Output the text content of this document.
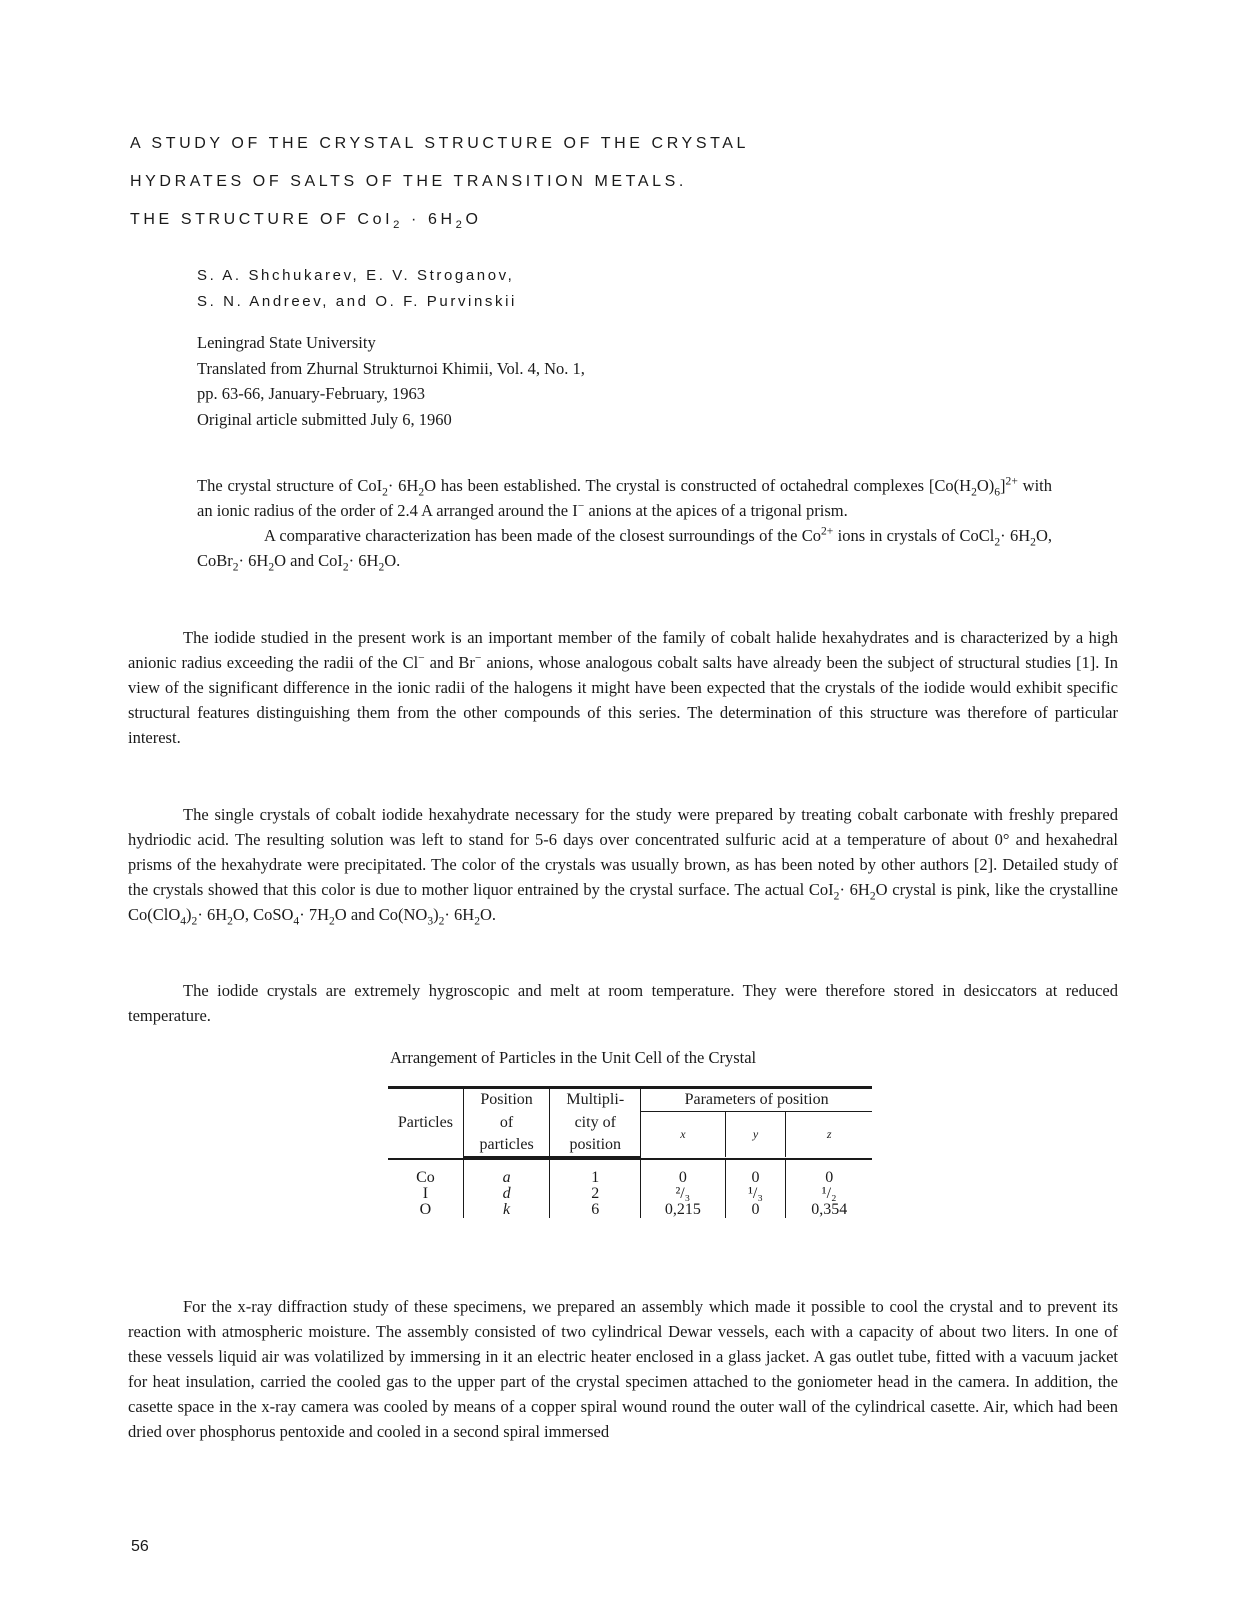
A STUDY OF THE CRYSTAL STRUCTURE OF THE CRYSTAL
HYDRATES OF SALTS OF THE TRANSITION METALS.
THE STRUCTURE OF $CoI_2 \cdot 6H_2O$
S. A. Shchukarev, E. V. Stroganov,
S. N. Andreev, and O. F. Purvinskii
Leningrad State University
Translated from Zhurnal Strukturnoi Khimii, Vol. 4, No. 1,
pp. 63-66, January-February, 1963
Original article submitted July 6, 1960

The crystal structure of $CoI_2\cdot 6H_2O$ has been established. The crystal is constructed of octahedral complexes $[Co(H_2O)_6]^{2+}$ with an ionic radius of the order of 2.4 A arranged around the I− anions at the apices of a trigonal prism.

A comparative characterization has been made of the closest surroundings of the $Co^{2+}$ ions in crystals of CoCl$_2$· $6H_2O$, CoBr$_2$· $6H_2O$ and $CoI_2\cdot 6H_2O$.

The iodide studied in the present work is an important member of the family of cobalt halide hexahydrates and is characterized by a high anionic radius exceeding the radii of the Cl− and Br− anions, whose analogous cobalt salts have already been the subject of structural studies [1]. In view of the significant difference in the ionic radii of the halogens it might have been expected that the crystals of the iodide would exhibit specific structural features distinguishing them from the other compounds of this series. The determination of this structure was therefore of particular interest.

The single crystals of cobalt iodide hexahydrate necessary for the study were prepared by treating cobalt carbonate with freshly prepared hydriodic acid. The resulting solution was left to stand for 5-6 days over concentrated sulfuric acid at a temperature of about 0° and hexahedral prisms of the hexahydrate were precipitated. The color of the crystals was usually brown, as has been noted by other authors [2]. Detailed study of the crystals showed that this color is due to mother liquor entrained by the crystal surface. The actual $CoI_2\cdot 6H_2O$ crystal is pink, like the crystalline $Co(ClO_4)_2\cdot 6H_2O$, CoSO$_4$· $7H_2O$ and $Co(NO_3)_2\cdot 6H_2O$.

The iodide crystals are extremely hygroscopic and melt at room temperature. They were therefore stored in desiccators at reduced temperature.

Arrangement of Particles in the Unit Cell of the Crystal
Particles	Position	Multipli-	Parameters of position		
	of	city of	x	y	z
	particles	position			

Co	a	1	0	0	0
I	d	2	²/₃	¹/₃	¹/₂
O	k	6	0,215	0	0,354

For the x-ray diffraction study of these specimens, we prepared an assembly which made it possible to cool the crystal and to prevent its reaction with atmospheric moisture. The assembly consisted of two cylindrical Dewar vessels, each with a capacity of about two liters. In one of these vessels liquid air was volatilized by immersing in it an electric heater enclosed in a glass jacket. A gas outlet tube, fitted with a vacuum jacket for heat insulation, carried the cooled gas to the upper part of the crystal specimen attached to the goniometer head in the camera. In addition, the casette space in the x-ray camera was cooled by means of a copper spiral wound round the outer wall of the cylindrical casette. Air, which had been dried over phosphorus pentoxide and cooled in a second spiral immersed

56
